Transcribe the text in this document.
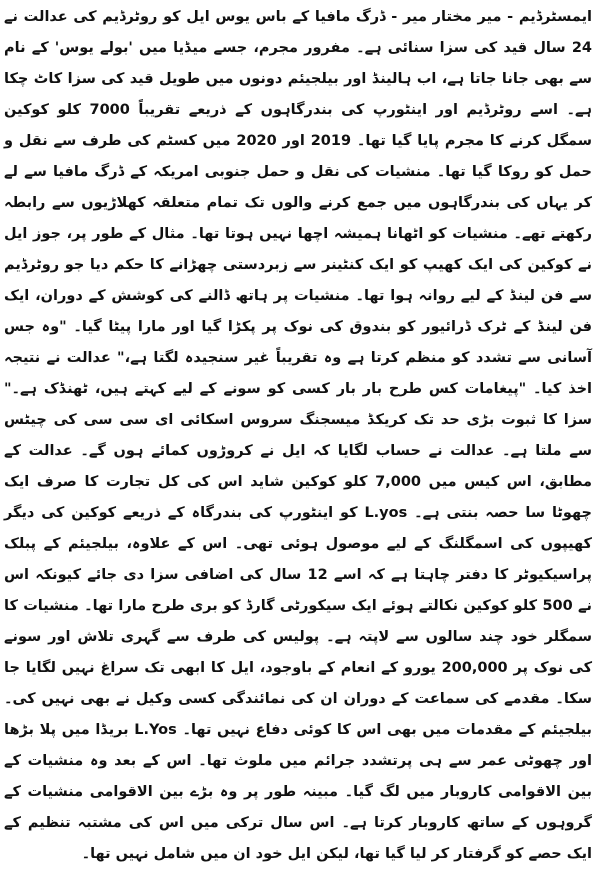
ایمسٹرڈیم - میر مختار میر - ڈرگ مافیا کے باس یوس ایل کو روٹرڈیم کی عدالت نے 24 سال قید کی سزا سنائی ہے۔ مفرور مجرم، جسے میڈیا میں 'بولے یوس' کے نام سے بھی جانا جاتا ہے، اب ہالینڈ اور بیلجیئم دونوں میں طویل قید کی سزا کاٹ چکا ہے۔ اسے روٹرڈیم اور اینٹورپ کی بندرگاہوں کے ذریعے تقریباً 7000 کلو کوکین سمگل کرنے کا مجرم پایا گیا تھا۔ 2019 اور 2020 میں کسٹم کی طرف سے نقل و حمل کو روکا گیا تھا۔ منشیات کی نقل و حمل جنوبی امریکہ کے ڈرگ مافیا سے لے کر یہاں کی بندرگاہوں میں جمع کرنے والوں تک تمام متعلقہ کھلاڑیوں سے رابطہ رکھتے تھے۔ منشیات کو اٹھانا ہمیشہ اچھا نہیں ہوتا تھا۔ مثال کے طور پر، جوز ایل نے کوکین کی ایک کھیپ کو ایک کنٹینر سے زبردستی چھڑانے کا حکم دیا جو روٹرڈیم سے فن لینڈ کے لیے روانہ ہوا تھا۔ منشیات پر ہاتھ ڈالنے کی کوشش کے دوران، ایک فن لینڈ کے ٹرک ڈرائیور کو بندوق کی نوک پر پکڑا گیا اور مارا پیٹا گیا۔ "وہ جس آسانی سے تشدد کو منظم کرتا ہے وہ تقریباً غیر سنجیدہ لگتا ہے،" عدالت نے نتیجہ اخذ کیا۔ "پیغامات کس طرح بار بار کسی کو سونے کے لیے کہتے ہیں، ٹھنڈک ہے۔" سزا کا ثبوت بڑی حد تک کریکڈ میسجنگ سروس اسکائی ای سی سی کی چیٹس سے ملتا ہے۔ عدالت نے حساب لگایا کہ ایل نے کروڑوں کمائے ہوں گے۔ عدالت کے مطابق، اس کیس میں 7,000 کلو کوکین شاید اس کی کل تجارت کا صرف ایک چھوٹا سا حصہ بنتی ہے۔ L.yos کو اینٹورپ کی بندرگاہ کے ذریعے کوکین کی دیگر کھیپوں کی اسمگلنگ کے لیے موصول ہوئی تھی۔ اس کے علاوہ، بیلجیئم کے پبلک پراسیکیوٹر کا دفتر چاہتا ہے کہ اسے 12 سال کی اضافی سزا دی جائے کیونکہ اس نے 500 کلو کوکین نکالتے ہوئے ایک سیکورٹی گارڈ کو بری طرح مارا تھا۔ منشیات کا سمگلر خود چند سالوں سے لاپتہ ہے۔ پولیس کی طرف سے گہری تلاش اور سونے کی نوک پر 200,000 یورو کے انعام کے باوجود، ایل کا ابھی تک سراغ نہیں لگایا جا سکا۔ مقدمے کی سماعت کے دوران ان کی نمائندگی کسی وکیل نے بھی نہیں کی۔ بیلجیئم کے مقدمات میں بھی اس کا کوئی دفاع نہیں تھا۔ L.Yos بریڈا میں پلا بڑھا اور چھوٹی عمر سے ہی پرتشدد جرائم میں ملوث تھا۔ اس کے بعد وہ منشیات کے بین الاقوامی کاروبار میں لگ گیا۔ مبینہ طور پر وہ بڑے بین الاقوامی منشیات کے گروہوں کے ساتھ کاروبار کرتا ہے۔ اس سال ترکی میں اس کی مشتبہ تنظیم کے ایک حصے کو گرفتار کر لیا گیا تھا، لیکن ایل خود ان میں شامل نہیں تھا۔
